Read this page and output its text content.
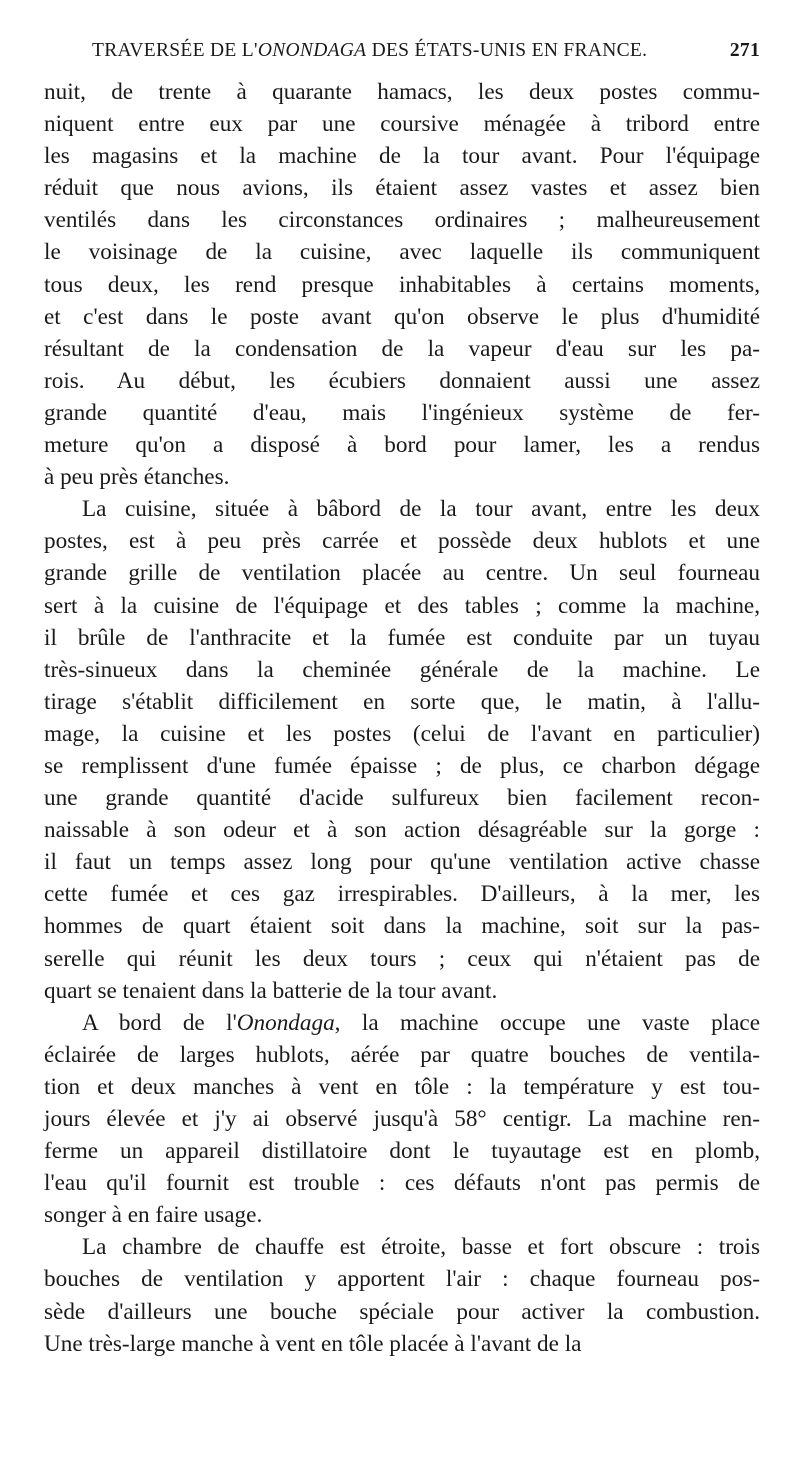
TRAVERSÉE DE L'ONONDAGA DES ÉTATS-UNIS EN FRANCE.	271

nuit, de trente à quarante hamacs, les deux postes commu-
niquent entre eux par une coursive ménagée à tribord entre
les magasins et la machine de la tour avant. Pour l'équipage
réduit que nous avions, ils étaient assez vastes et assez bien
ventilés dans les circonstances ordinaires ; malheureusement
le voisinage de la cuisine, avec laquelle ils communiquent
tous deux, les rend presque inhabitables à certains moments,
et c'est dans le poste avant qu'on observe le plus d'humidité
résultant de la condensation de la vapeur d'eau sur les pa-
rois. Au début, les écubiers donnaient aussi une assez
grande quantité d'eau, mais l'ingénieux système de fer-
meture qu'on a disposé à bord pour lamer, les a rendus
à peu près étanches.

La cuisine, située à bâbord de la tour avant, entre les deux
postes, est à peu près carrée et possède deux hublots et une
grande grille de ventilation placée au centre. Un seul fourneau
sert à la cuisine de l'équipage et des tables ; comme la machine,
il brûle de l'anthracite et la fumée est conduite par un tuyau
très-sinueux dans la cheminée générale de la machine. Le
tirage s'établit difficilement en sorte que, le matin, à l'allu-
mage, la cuisine et les postes (celui de l'avant en particulier)
se remplissent d'une fumée épaisse ; de plus, ce charbon dégage
une grande quantité d'acide sulfureux bien facilement recon-
naissable à son odeur et à son action désagréable sur la gorge :
il faut un temps assez long pour qu'une ventilation active chasse
cette fumée et ces gaz irrespirables. D'ailleurs, à la mer, les
hommes de quart étaient soit dans la machine, soit sur la pas-
serelle qui réunit les deux tours ; ceux qui n'étaient pas de
quart se tenaient dans la batterie de la tour avant.

A bord de l'Onondaga, la machine occupe une vaste place
éclairée de larges hublots, aérée par quatre bouches de ventila-
tion et deux manches à vent en tôle : la température y est tou-
jours élevée et j'y ai observé jusqu'à 58° centigr. La machine ren-
ferme un appareil distillatoire dont le tuyautage est en plomb,
l'eau qu'il fournit est trouble : ces défauts n'ont pas permis de
songer à en faire usage.

La chambre de chauffe est étroite, basse et fort obscure : trois
bouches de ventilation y apportent l'air : chaque fourneau pos-
sède d'ailleurs une bouche spéciale pour activer la combustion.
Une très-large manche à vent en tôle placée à l'avant de la
